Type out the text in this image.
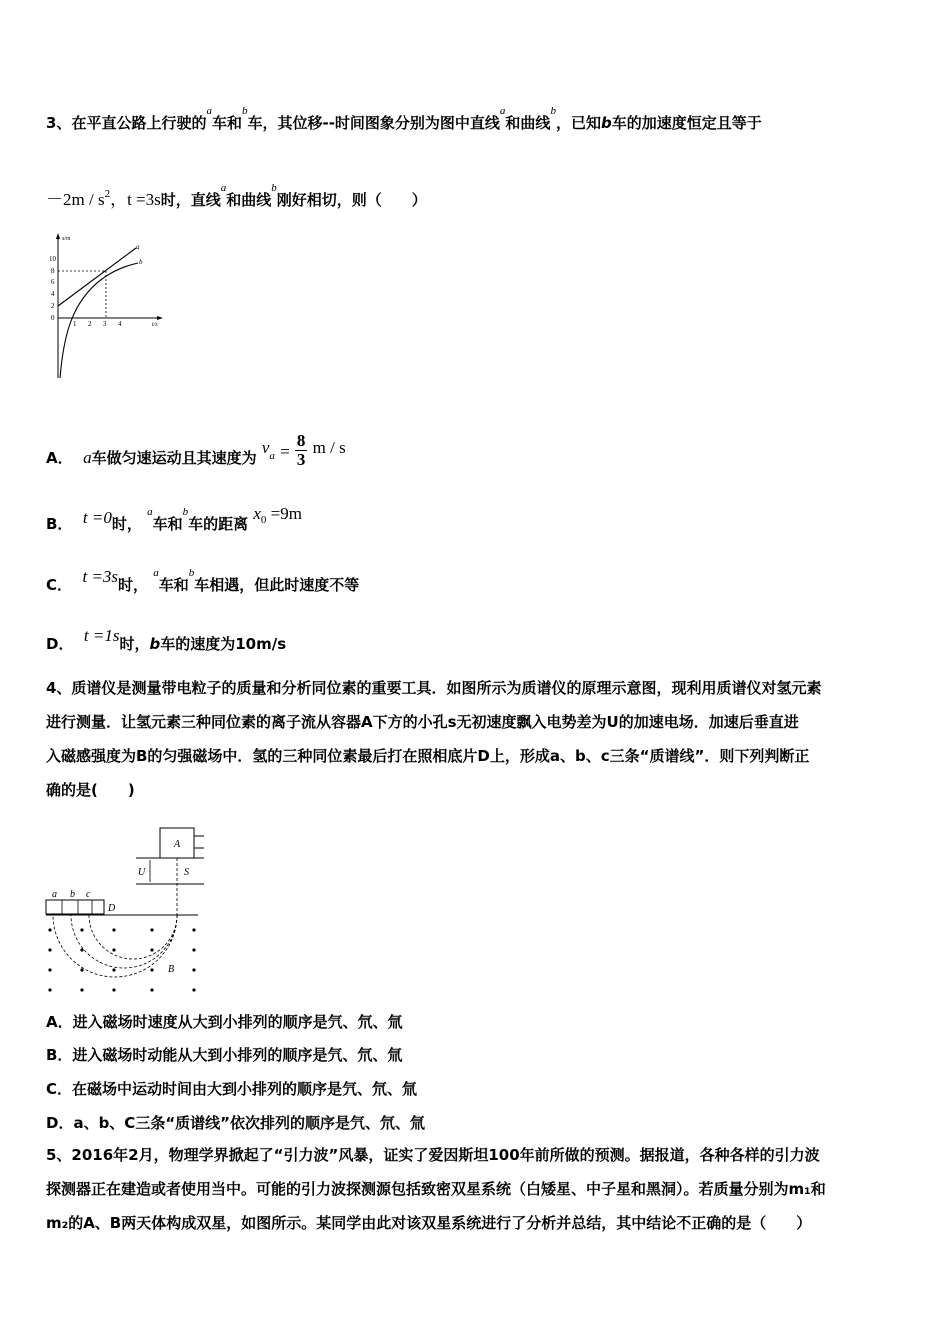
3、在平直公路上行驶的$^a$车和$^b$车，其位移--时间图象分别为图中直线$^a$和曲线$^b$，已知b车的加速度恒定且等于
$-2m / s^2$，t =3s时，直线$^a$和曲线$^b$刚好相切，则（　　）
s/m
t/s
10
8
6
4
2
0
1 2 3 4
a
b
A． a车做匀速运动且其速度为 $v^a = \frac{8}{3}$ m / s
B． t =0时， $^a$车和$^b$车的距离 $x^0 =9m$
C． t =3s时， $^a$车和$^b$车相遇，但此时速度不等
D． t =1s时，b车的速度为10m/s
4、质谱仪是测量带电粒子的质量和分析同位素的重要工具．如图所示为质谱仪的原理示意图，现利用质谱仪对氢元素
进行测量．让氢元素三种同位素的离子流从容器A下方的小孔s无初速度飘入电势差为U的加速电场．加速后垂直进
入磁感强度为B的匀强磁场中．氢的三种同位素最后打在照相底片D上，形成a、b、c三条“质谱线”．则下列判断正
确的是(　　)
A
U	S
a b c
D
B
A．进入磁场时速度从大到小排列的顺序是氕、氘、氚
B．进入磁场时动能从大到小排列的顺序是氕、氘、氚
C．在磁场中运动时间由大到小排列的顺序是氕、氘、氚
D．a、b、C三条“质谱线”依次排列的顺序是氕、氘、氚
5、2016年2月，物理学界掀起了“引力波”风暴，证实了爱因斯坦100年前所做的预测。据报道，各种各样的引力波
探测器正在建造或者使用当中。可能的引力波探测源包括致密双星系统（白矮星、中子星和黑洞）。若质量分别为m₁和
m₂的A、B两天体构成双星，如图所示。某同学由此对该双星系统进行了分析并总结，其中结论不正确的是（　　）
